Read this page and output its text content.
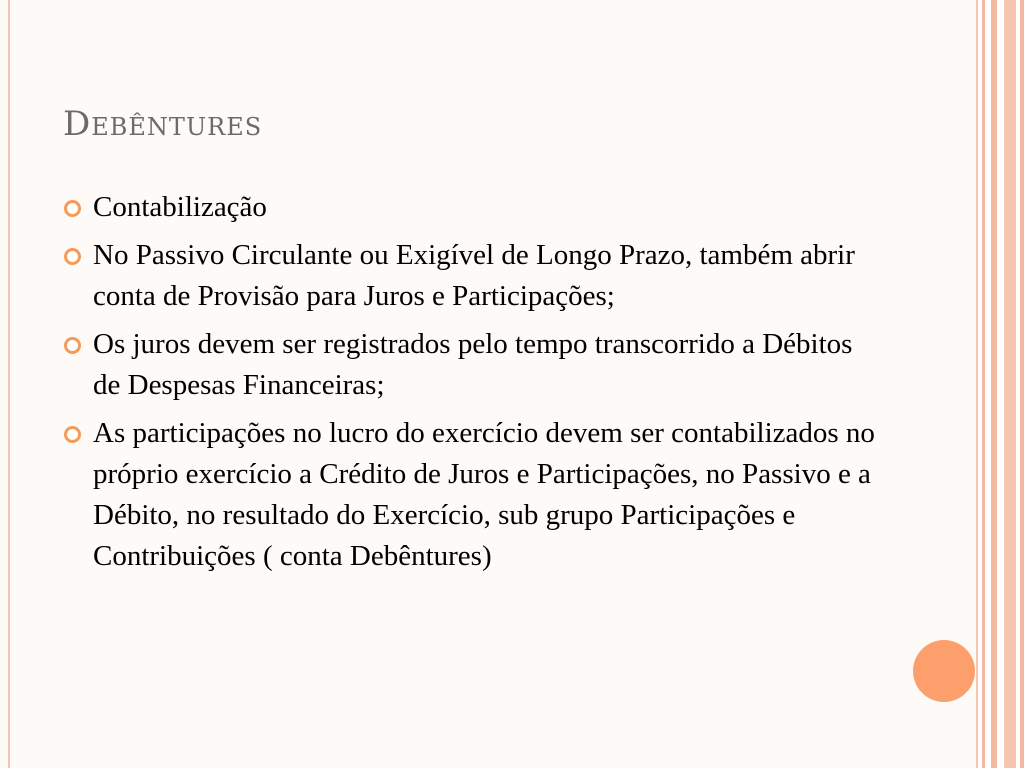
Debêntures
Contabilização
No Passivo Circulante ou Exigível de Longo Prazo, também abrir conta de Provisão para Juros e Participações;
Os juros devem ser registrados pelo tempo transcorrido a Débitos de Despesas Financeiras;
As participações no lucro do exercício devem ser contabilizados no próprio exercício a Crédito de Juros e Participações, no Passivo e a Débito, no resultado do Exercício, sub grupo Participações e Contribuições ( conta Debêntures)
